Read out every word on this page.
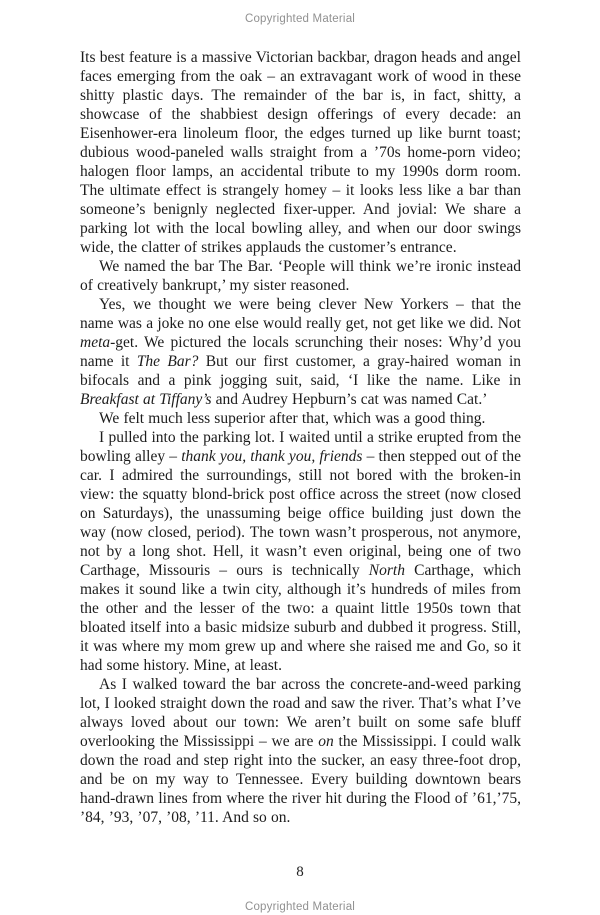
Copyrighted Material

Its best feature is a massive Victorian backbar, dragon heads and angel faces emerging from the oak – an extravagant work of wood in these shitty plastic days. The remainder of the bar is, in fact, shitty, a showcase of the shabbiest design offerings of every decade: an Eisenhower-era linoleum floor, the edges turned up like burnt toast; dubious wood-paneled walls straight from a ’70s home-porn video; halogen floor lamps, an accidental tribute to my 1990s dorm room. The ultimate effect is strangely homey – it looks less like a bar than someone’s benignly neglected fixer-upper. And jovial: We share a parking lot with the local bowling alley, and when our door swings wide, the clatter of strikes applauds the customer’s entrance.

We named the bar The Bar. ‘People will think we’re ironic instead of creatively bankrupt,’ my sister reasoned.

Yes, we thought we were being clever New Yorkers – that the name was a joke no one else would really get, not get like we did. Not meta-get. We pictured the locals scrunching their noses: Why’d you name it The Bar? But our first customer, a gray-haired woman in bifocals and a pink jogging suit, said, ‘I like the name. Like in Breakfast at Tiffany’s and Audrey Hepburn’s cat was named Cat.’

We felt much less superior after that, which was a good thing.

I pulled into the parking lot. I waited until a strike erupted from the bowling alley – thank you, thank you, friends – then stepped out of the car. I admired the surroundings, still not bored with the broken-in view: the squatty blond-brick post office across the street (now closed on Saturdays), the unassuming beige office building just down the way (now closed, period). The town wasn’t prosperous, not anymore, not by a long shot. Hell, it wasn’t even original, being one of two Carthage, Missouris – ours is technically North Carthage, which makes it sound like a twin city, although it’s hundreds of miles from the other and the lesser of the two: a quaint little 1950s town that bloated itself into a basic midsize suburb and dubbed it progress. Still, it was where my mom grew up and where she raised me and Go, so it had some history. Mine, at least.

As I walked toward the bar across the concrete-and-weed parking lot, I looked straight down the road and saw the river. That’s what I’ve always loved about our town: We aren’t built on some safe bluff overlooking the Mississippi – we are on the Mississippi. I could walk down the road and step right into the sucker, an easy three-foot drop, and be on my way to Tennessee. Every building downtown bears hand-drawn lines from where the river hit during the Flood of ’61,’75, ’84, ’93, ’07, ’08, ’11. And so on.

8
Copyrighted Material
